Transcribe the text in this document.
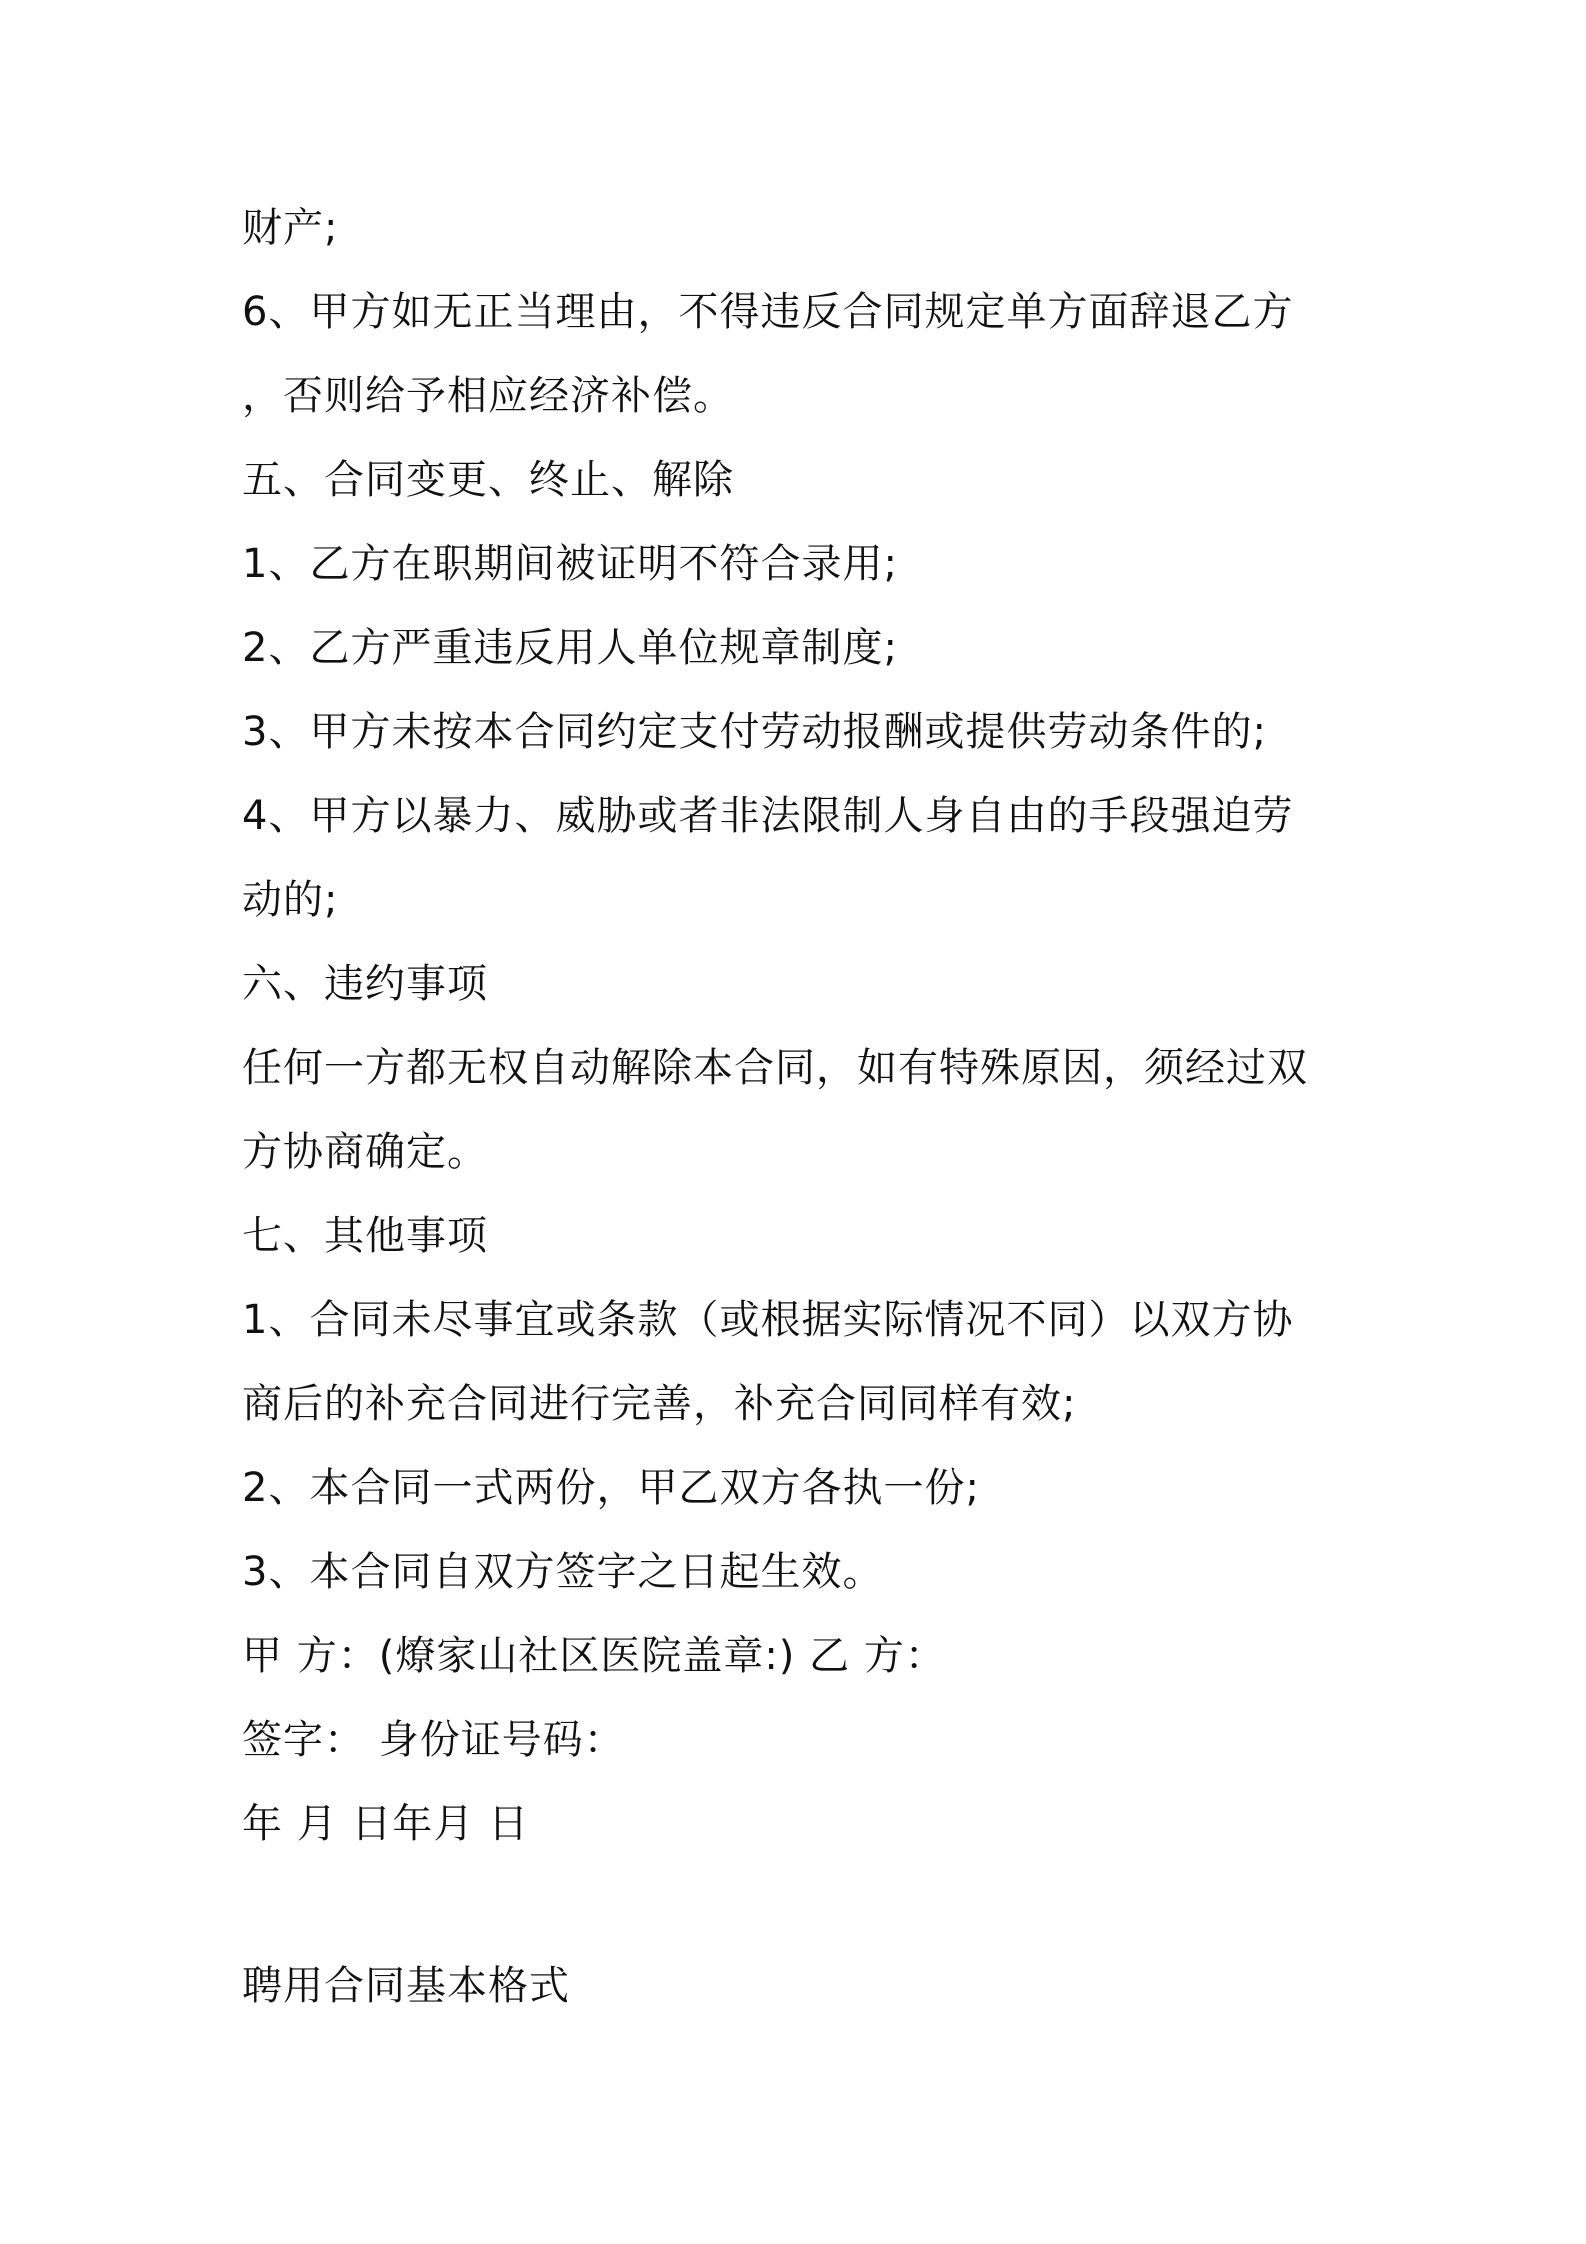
财产;
6、甲方如无正当理由，不得违反合同规定单方面辞退乙方
，否则给予相应经济补偿。
五、合同变更、终止、解除
1、乙方在职期间被证明不符合录用;
2、乙方严重违反用人单位规章制度;
3、甲方未按本合同约定支付劳动报酬或提供劳动条件的;
4、甲方以暴力、威胁或者非法限制人身自由的手段强迫劳
动的;
六、违约事项
任何一方都无权自动解除本合同，如有特殊原因，须经过双
方协商确定。
七、其他事项
1、合同未尽事宜或条款（或根据实际情况不同）以双方协
商后的补充合同进行完善，补充合同同样有效;
2、本合同一式两份，甲乙双方各执一份;
3、本合同自双方签字之日起生效。
甲 方：(燎家山社区医院盖章:) 乙 方：
签字： 身份证号码：
年 月 日年月 日
聘用合同基本格式
